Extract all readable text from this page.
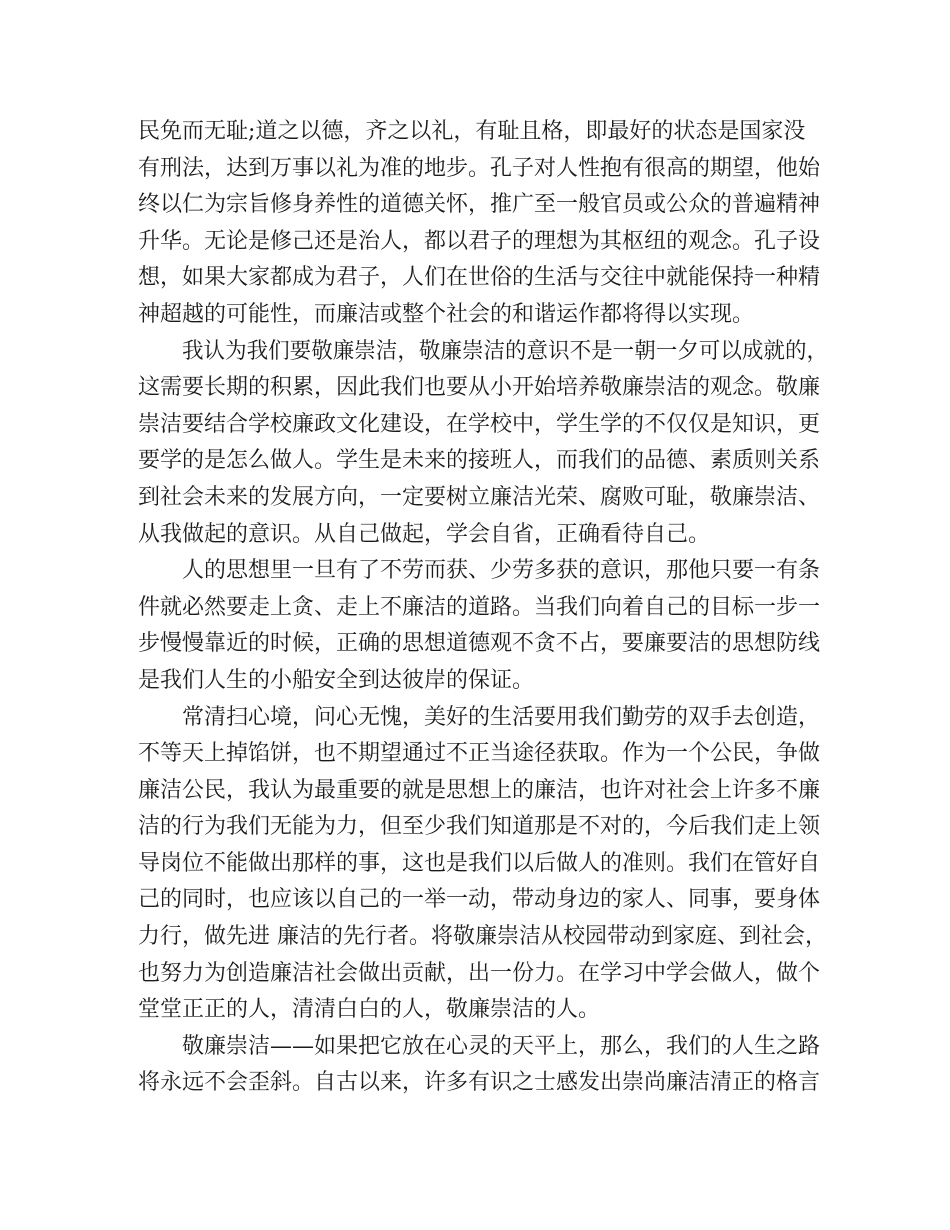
民免而无耻;道之以德，齐之以礼，有耻且格，即最好的状态是国家没
有刑法，达到万事以礼为准的地步。孔子对人性抱有很高的期望，他始
终以仁为宗旨修身养性的道德关怀，推广至一般官员或公众的普遍精神
升华。无论是修己还是治人，都以君子的理想为其枢纽的观念。孔子设
想，如果大家都成为君子，人们在世俗的生活与交往中就能保持一种精
神超越的可能性，而廉洁或整个社会的和谐运作都将得以实现。
我认为我们要敬廉崇洁，敬廉崇洁的意识不是一朝一夕可以成就的，
这需要长期的积累，因此我们也要从小开始培养敬廉崇洁的观念。敬廉
崇洁要结合学校廉政文化建设，在学校中，学生学的不仅仅是知识，更
要学的是怎么做人。学生是未来的接班人，而我们的品德、素质则关系
到社会未来的发展方向，一定要树立廉洁光荣、腐败可耻，敬廉崇洁、
从我做起的意识。从自己做起，学会自省，正确看待自己。
人的思想里一旦有了不劳而获、少劳多获的意识，那他只要一有条
件就必然要走上贪、走上不廉洁的道路。当我们向着自己的目标一步一
步慢慢靠近的时候，正确的思想道德观不贪不占，要廉要洁的思想防线
是我们人生的小船安全到达彼岸的保证。
常清扫心境，问心无愧，美好的生活要用我们勤劳的双手去创造，
不等天上掉馅饼，也不期望通过不正当途径获取。作为一个公民，争做
廉洁公民，我认为最重要的就是思想上的廉洁，也许对社会上许多不廉
洁的行为我们无能为力，但至少我们知道那是不对的，今后我们走上领
导岗位不能做出那样的事，这也是我们以后做人的准则。我们在管好自
己的同时，也应该以自己的一举一动，带动身边的家人、同事，要身体
力行，做先进 廉洁的先行者。将敬廉崇洁从校园带动到家庭、到社会，
也努力为创造廉洁社会做出贡献，出一份力。在学习中学会做人，做个
堂堂正正的人，清清白白的人，敬廉崇洁的人。
敬廉崇洁——如果把它放在心灵的天平上，那么，我们的人生之路
将永远不会歪斜。自古以来，许多有识之士感发出崇尚廉洁清正的格言
